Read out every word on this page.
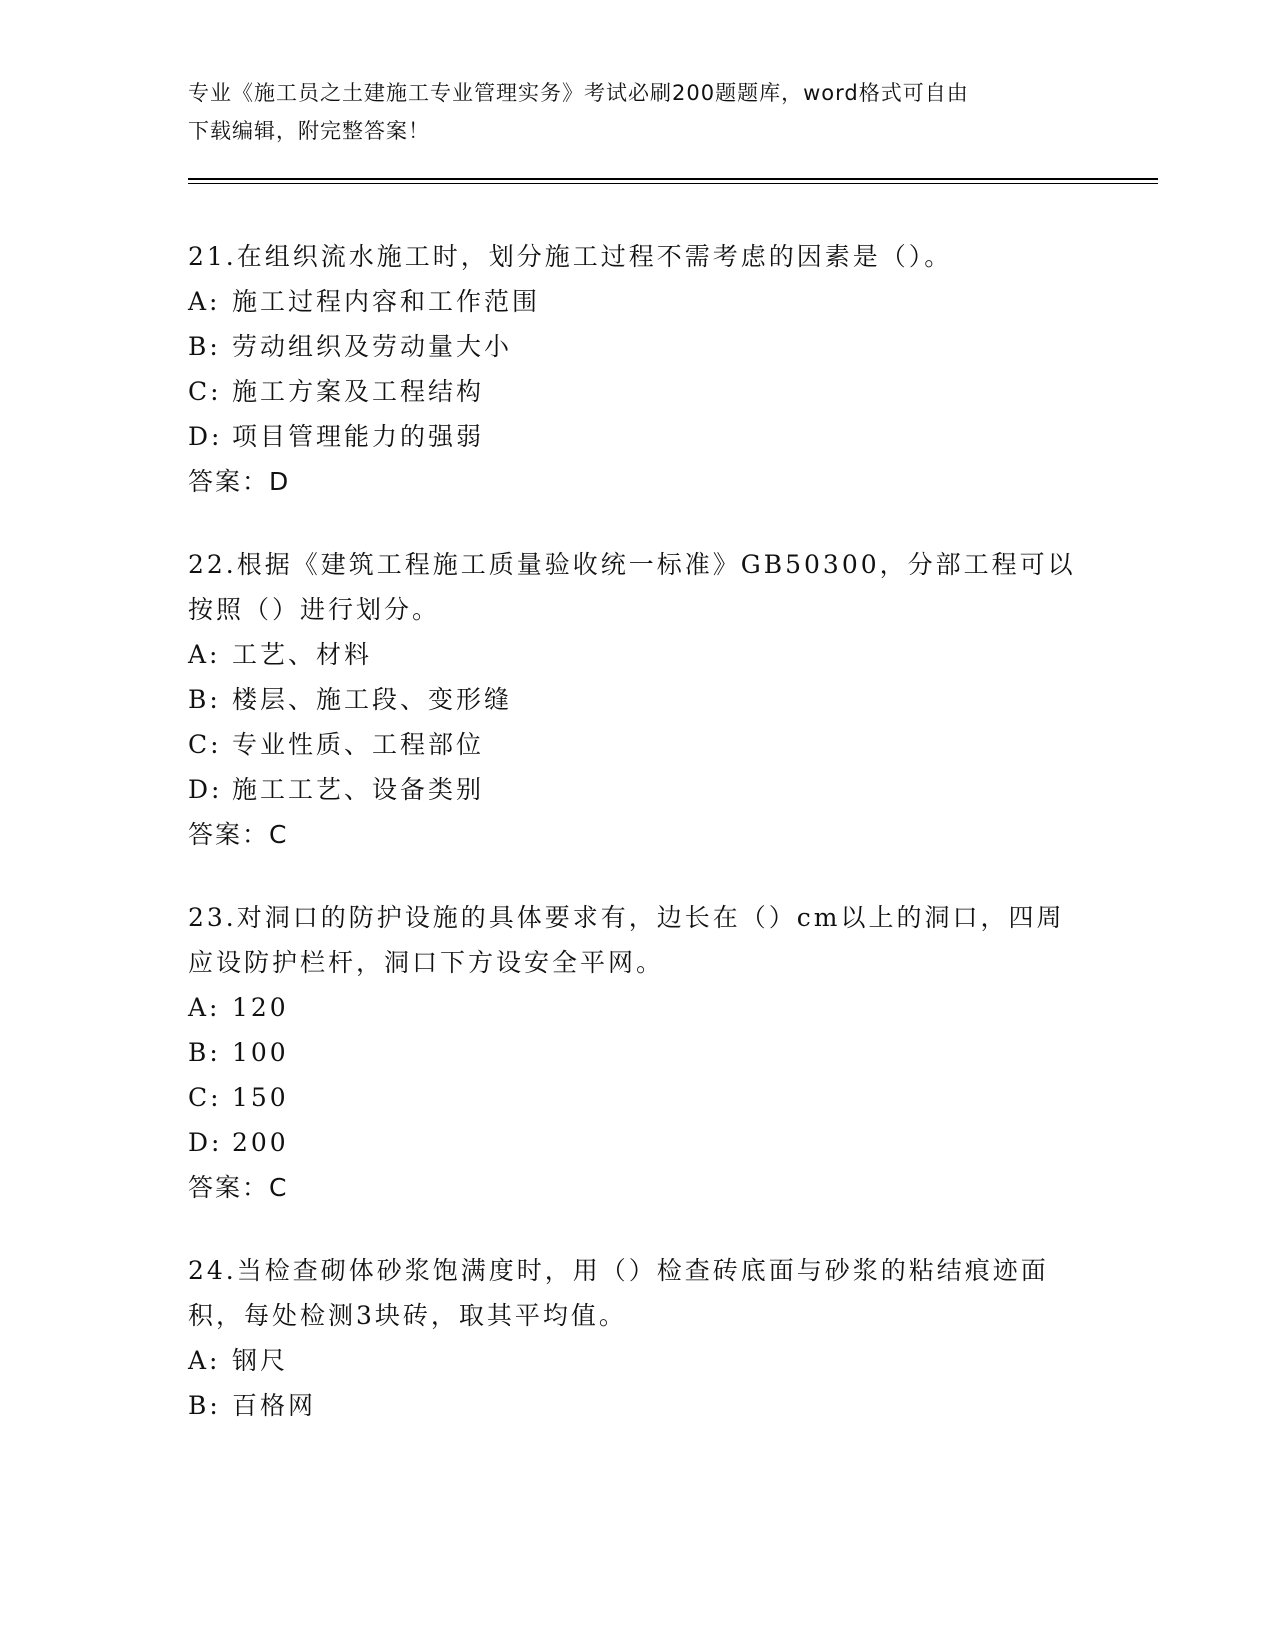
专业《施工员之土建施工专业管理实务》考试必刷200题题库，word格式可自由
下载编辑，附完整答案！
21.在组织流水施工时，划分施工过程不需考虑的因素是（）。
A: 施工过程内容和工作范围
B: 劳动组织及劳动量大小
C: 施工方案及工程结构
D: 项目管理能力的强弱
答案：D
22.根据《建筑工程施工质量验收统一标准》GB50300，分部工程可以
按照（）进行划分。
A: 工艺、材料
B: 楼层、施工段、变形缝
C: 专业性质、工程部位
D: 施工工艺、设备类别
答案：C
23.对洞口的防护设施的具体要求有，边长在（）cm以上的洞口，四周
应设防护栏杆，洞口下方设安全平网。
A: 120
B: 100
C: 150
D: 200
答案：C
24.当检查砌体砂浆饱满度时，用（）检查砖底面与砂浆的粘结痕迹面
积，每处检测3块砖，取其平均值。
A: 钢尺
B: 百格网
